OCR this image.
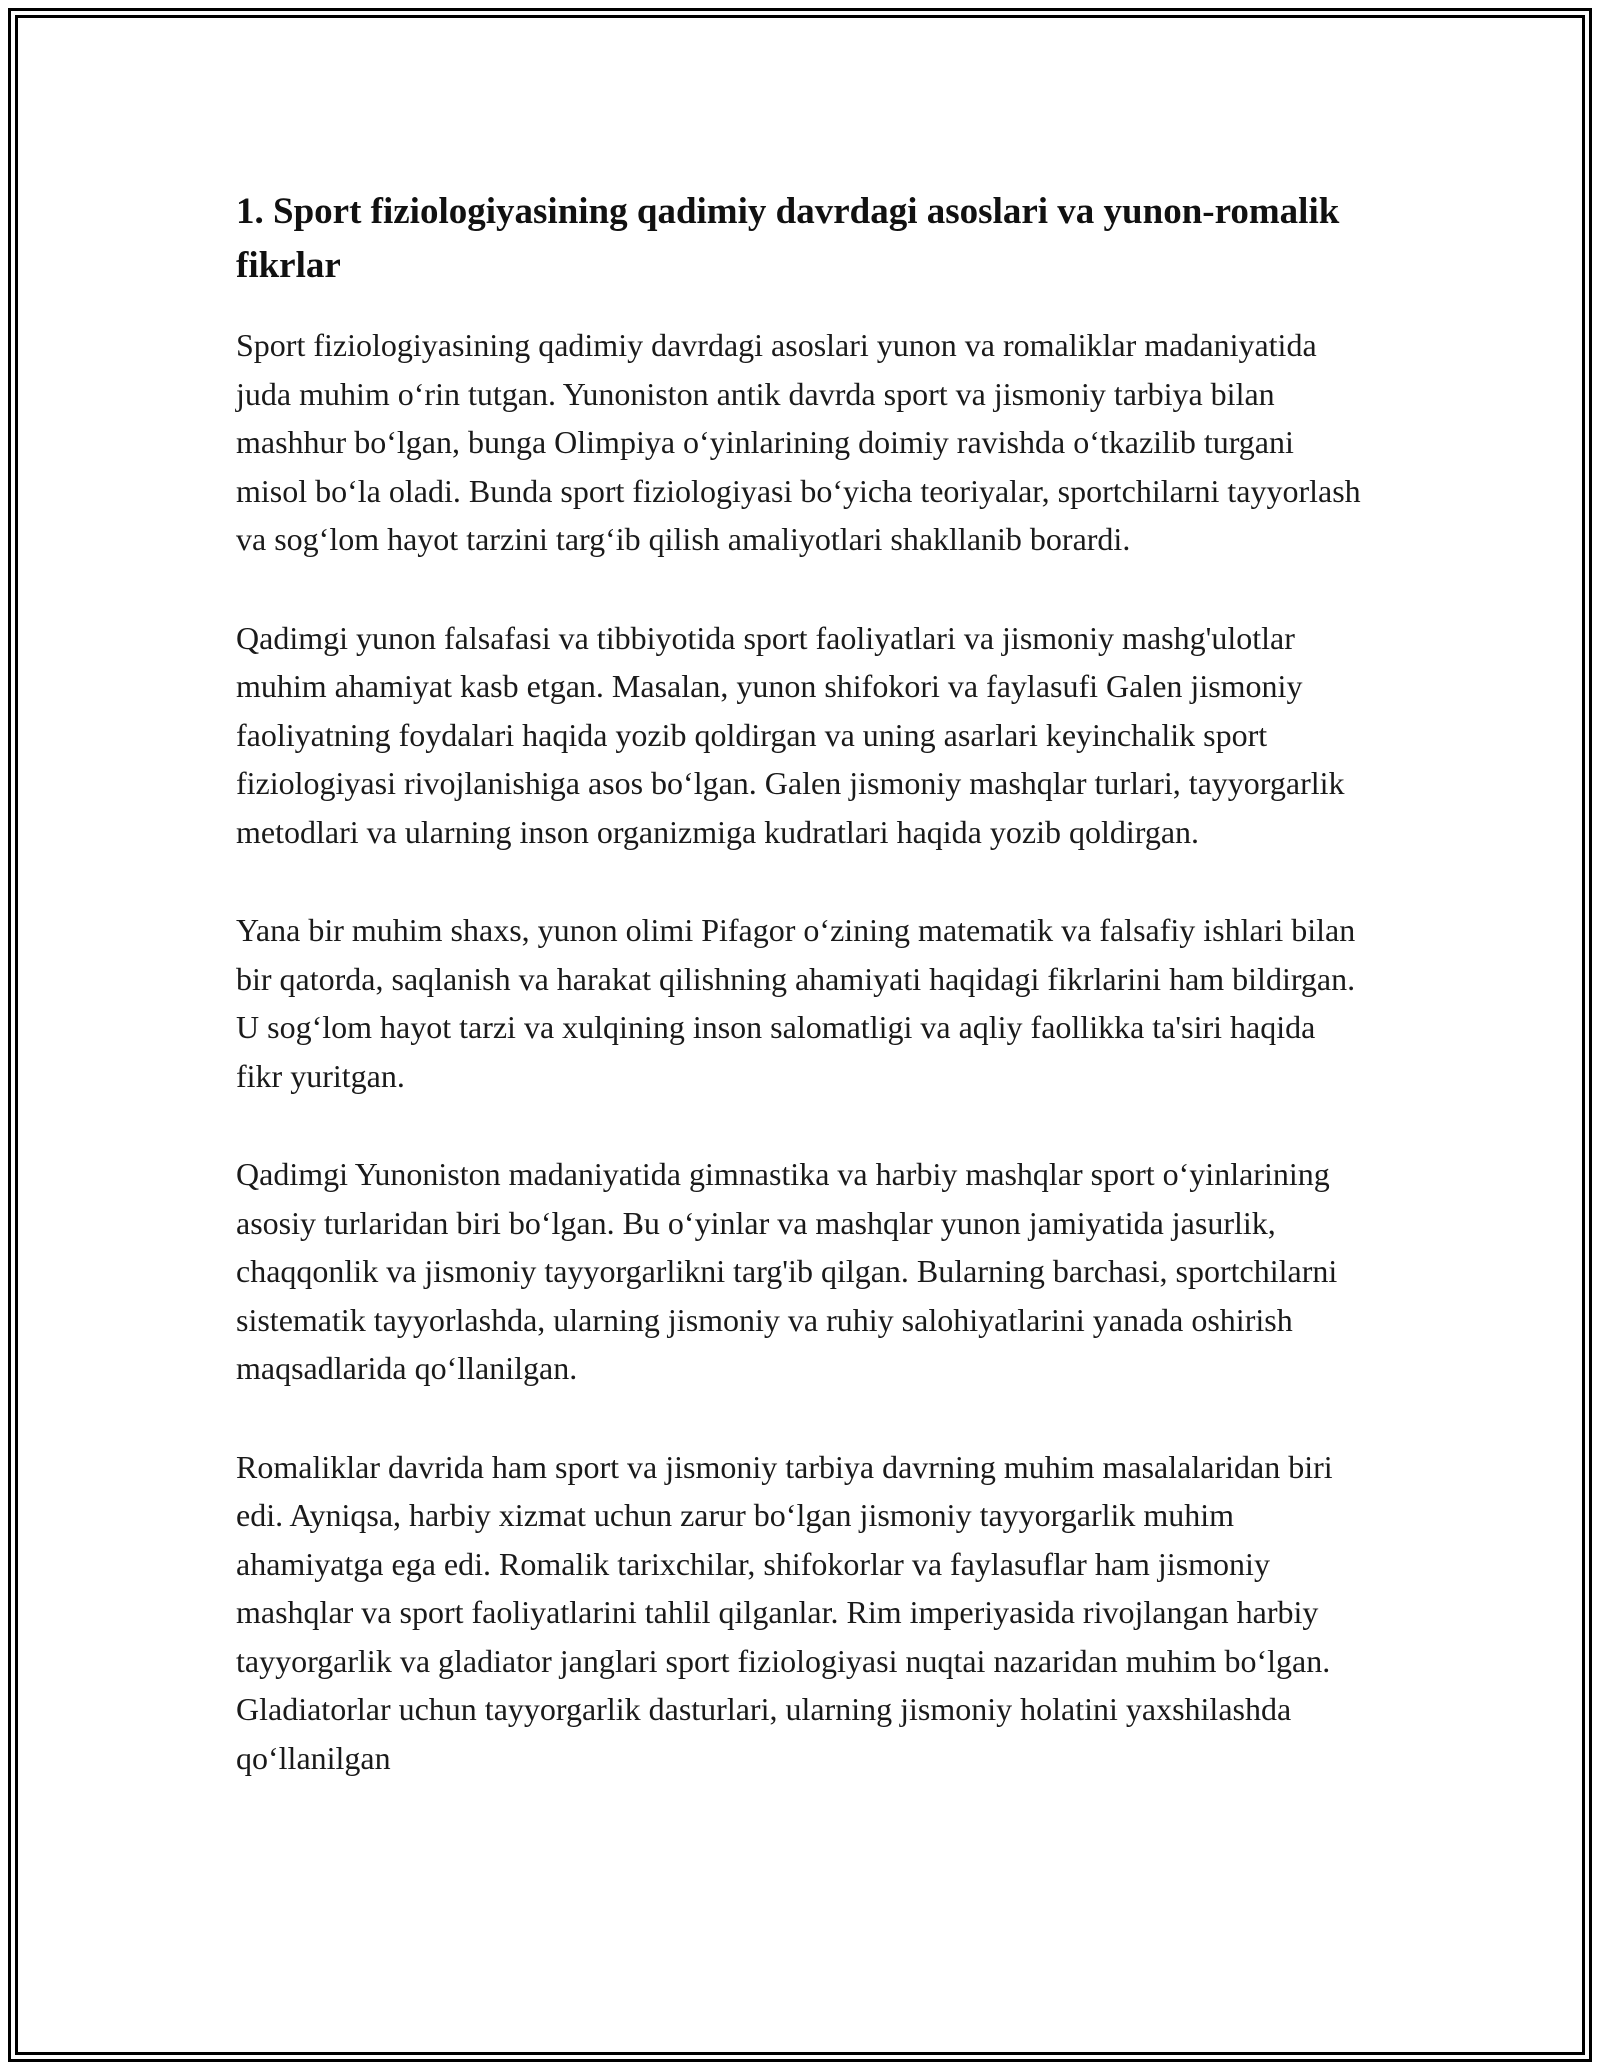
1. Sport fiziologiyasining qadimiy davrdagi asoslari va yunon-romalik fikrlar

Sport fiziologiyasining qadimiy davrdagi asoslari yunon va romaliklar madaniyatida juda muhim o‘rin tutgan. Yunoniston antik davrda sport va jismoniy tarbiya bilan mashhur bo‘lgan, bunga Olimpiya o‘yinlarining doimiy ravishda o‘tkazilib turgani misol bo‘la oladi. Bunda sport fiziologiyasi bo‘yicha teoriyalar, sportchilarni tayyorlash va sog‘lom hayot tarzini targ‘ib qilish amaliyotlari shakllanib borardi.

Qadimgi yunon falsafasi va tibbiyotida sport faoliyatlari va jismoniy mashg'ulotlar muhim ahamiyat kasb etgan. Masalan, yunon shifokori va faylasufi Galen jismoniy faoliyatning foydalari haqida yozib qoldirgan va uning asarlari keyinchalik sport fiziologiyasi rivojlanishiga asos bo‘lgan. Galen jismoniy mashqlar turlari, tayyorgarlik metodlari va ularning inson organizmiga kudratlari haqida yozib qoldirgan.

Yana bir muhim shaxs, yunon olimi Pifagor o‘zining matematik va falsafiy ishlari bilan bir qatorda, saqlanish va harakat qilishning ahamiyati haqidagi fikrlarini ham bildirgan. U sog‘lom hayot tarzi va xulqining inson salomatligi va aqliy faollikka ta'siri haqida fikr yuritgan.

Qadimgi Yunoniston madaniyatida gimnastika va harbiy mashqlar sport o‘yinlarining asosiy turlaridan biri bo‘lgan. Bu o‘yinlar va mashqlar yunon jamiyatida jasurlik, chaqqonlik va jismoniy tayyorgarlikni targ'ib qilgan. Bularning barchasi, sportchilarni sistematik tayyorlashda, ularning jismoniy va ruhiy salohiyatlarini yanada oshirish maqsadlarida qo‘llanilgan.

Romaliklar davrida ham sport va jismoniy tarbiya davrning muhim masalalaridan biri edi. Ayniqsa, harbiy xizmat uchun zarur bo‘lgan jismoniy tayyorgarlik muhim ahamiyatga ega edi. Romalik tarixchilar, shifokorlar va faylasuflar ham jismoniy mashqlar va sport faoliyatlarini tahlil qilganlar. Rim imperiyasida rivojlangan harbiy tayyorgarlik va gladiator janglari sport fiziologiyasi nuqtai nazaridan muhim bo‘lgan. Gladiatorlar uchun tayyorgarlik dasturlari, ularning jismoniy holatini yaxshilashda qo‘llanilgan
